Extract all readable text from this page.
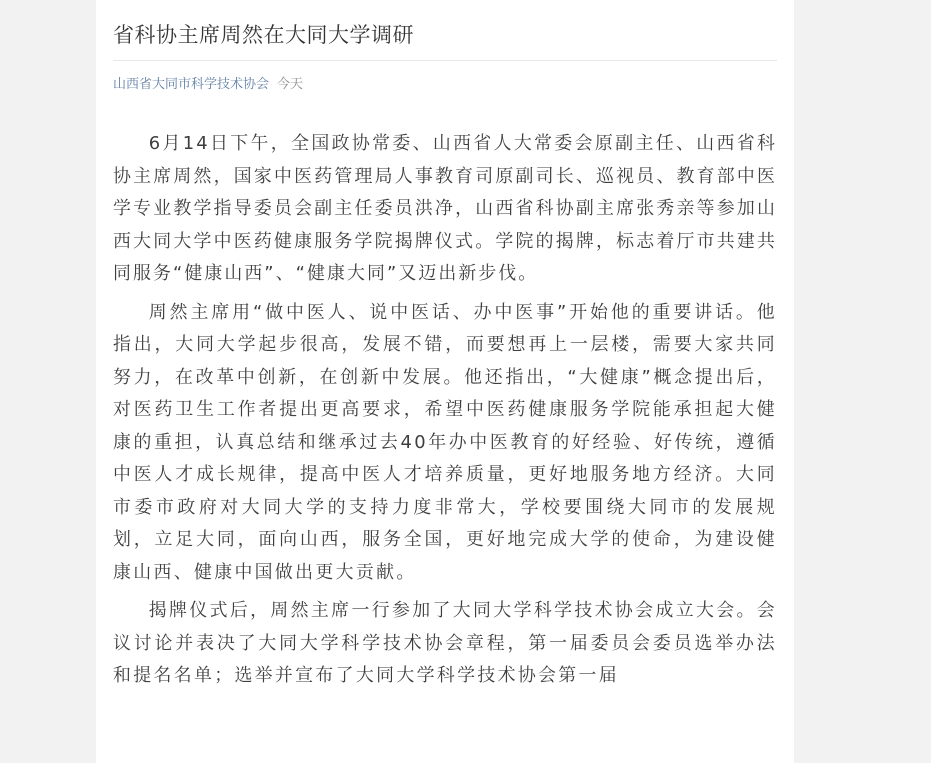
省科协主席周然在大同大学调研
山西省大同市科学技术协会 今天

6月14日下午，全国政协常委、山西省人大常委会原副主任、山西省科协主席周然，国家中医药管理局人事教育司原副司长、巡视员、教育部中医学专业教学指导委员会副主任委员洪净，山西省科协副主席张秀亲等参加山西大同大学中医药健康服务学院揭牌仪式。学院的揭牌，标志着厅市共建共同服务“健康山西”、“健康大同”又迈出新步伐。

周然主席用“做中医人、说中医话、办中医事”开始他的重要讲话。他指出，大同大学起步很高，发展不错，而要想再上一层楼，需要大家共同努力，在改革中创新，在创新中发展。他还指出，“大健康”概念提出后，对医药卫生工作者提出更高要求，希望中医药健康服务学院能承担起大健康的重担，认真总结和继承过去40年办中医教育的好经验、好传统，遵循中医人才成长规律，提高中医人才培养质量，更好地服务地方经济。大同市委市政府对大同大学的支持力度非常大，学校要围绕大同市的发展规划，立足大同，面向山西，服务全国，更好地完成大学的使命，为建设健康山西、健康中国做出更大贡献。

揭牌仪式后，周然主席一行参加了大同大学科学技术协会成立大会。会议讨论并表决了大同大学科学技术协会章程，第一届委员会委员选举办法和提名名单；选举并宣布了大同大学科学技术协会第一届
